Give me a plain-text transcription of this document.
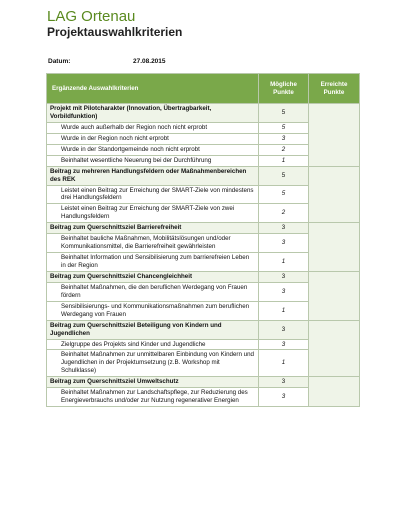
LAG Ortenau
Projektauswahlkriterien
Datum:	27.08.2015
Ergänzende Auswahlkriterien	Mögliche Punkte	Erreichte Punkte
Projekt mit Pilotcharakter (Innovation, Übertragbarkeit, Vorbildfunktion)	5	
Wurde auch außerhalb der Region noch nicht erprobt	5	
Wurde in der Region noch nicht erprobt	3	
Wurde in der Standortgemeinde noch nicht erprobt	2	
Beinhaltet wesentliche Neuerung bei der Durchführung	1	
Beitrag zu mehreren Handlungsfeldern oder Maßnahmenbereichen des REK	5	
Leistet einen Beitrag zur Erreichung der SMART-Ziele von mindestens drei Handlungsfeldern	5	
Leistet einen Beitrag zur Erreichung der SMART-Ziele von zwei Handlungsfeldern	2	
Beitrag zum Querschnittsziel Barrierefreiheit	3	
Beinhaltet bauliche Maßnahmen, Mobilitätslösungen und/oder Kommunikationsmittel, die Barrierefreiheit gewährleisten	3	
Beinhaltet Information und Sensibilisierung zum barrierefreien Leben in der Region	1	
Beitrag zum Querschnittsziel Chancengleichheit	3	
Beinhaltet Maßnahmen, die den beruflichen Werdegang von Frauen fördern	3	
Sensibilisierungs- und Kommunikationsmaßnahmen zum beruflichen Werdegang von Frauen	1	
Beitrag zum Querschnittsziel Beteiligung von Kindern und Jugendlichen	3	
Zielgruppe des Projekts sind Kinder und Jugendliche	3	
Beinhaltet Maßnahmen zur unmittelbaren Einbindung von Kindern und Jugendlichen in der Projektumsetzung (z.B. Workshop mit Schulklasse)	1	
Beitrag zum Querschnittsziel Umweltschutz	3	
Beinhaltet Maßnahmen zur Landschaftspflege, zur Reduzierung des Energieverbrauchs und/oder zur Nutzung regenerativer Energien	3	
